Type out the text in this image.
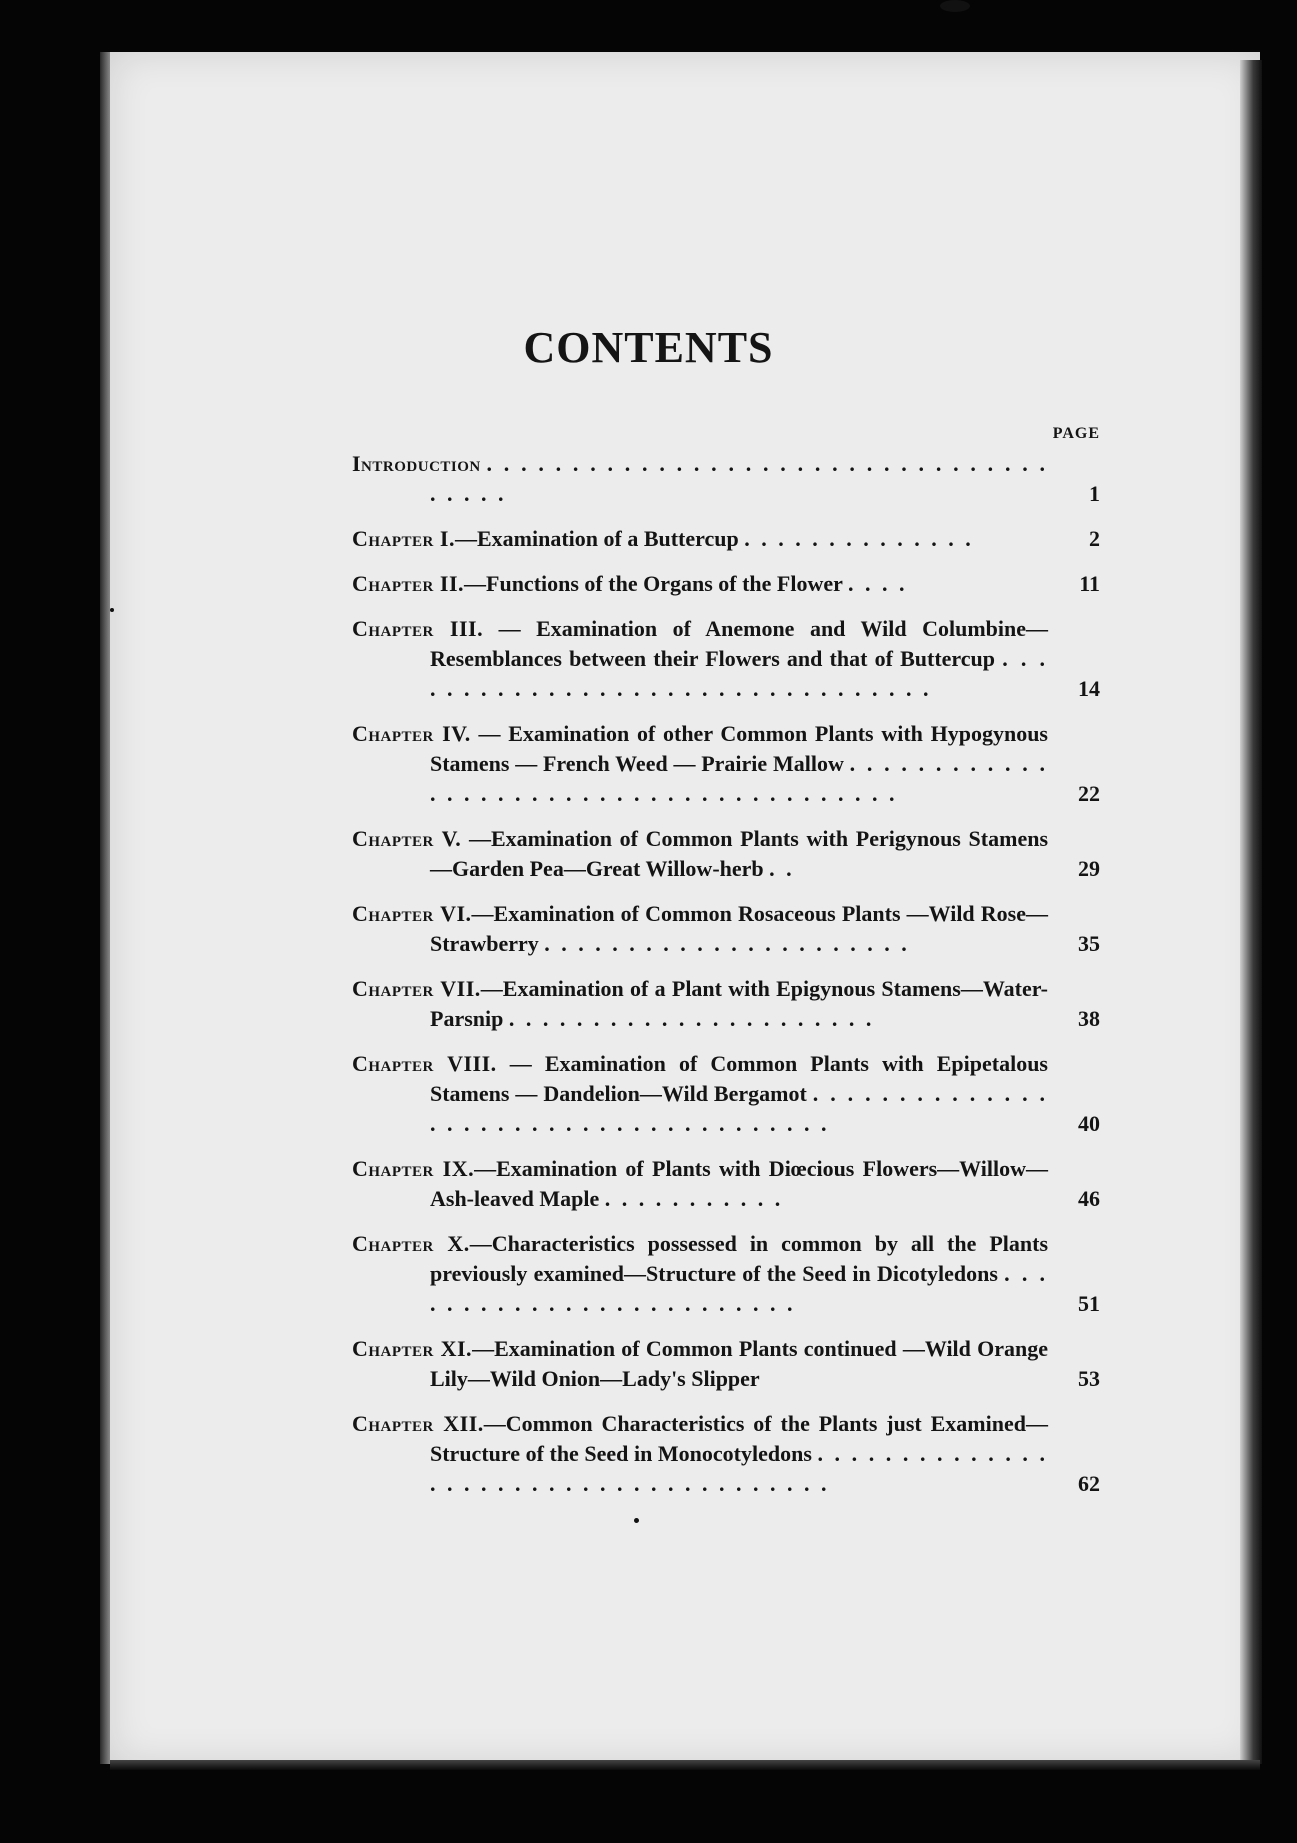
CONTENTS
PAGE
Introduction . . . . . . . . . . . . . . . . . . . . . . . . . . . . . . . . . . . . . .	1
Chapter I.—Examination of a Buttercup . . . . . . . . . . . . . .	2
Chapter II.—Functions of the Organs of the Flower . . . .	11
Chapter III. — Examination of Anemone and Wild Columbine—Resemblances between their Flowers and that of Buttercup . . . . . . . . . . . . . . . . . . . . . . . . . . . . . . . . .	14
Chapter IV. — Examination of other Common Plants with Hypogynous Stamens — French Weed — Prairie Mallow . . . . . . . . . . . . . . . . . . . . . . . . . . . . . . . . . . . . . . . .	22
Chapter V. —Examination of Common Plants with Perigynous Stamens—Garden Pea—Great Willow-herb . .	29
Chapter VI.—Examination of Common Rosaceous Plants —Wild Rose—Strawberry . . . . . . . . . . . . . . . . . . . . . .	35
Chapter VII.—Examination of a Plant with Epigynous Stamens—Water-Parsnip . . . . . . . . . . . . . . . . . . . . . .	38
Chapter VIII. — Examination of Common Plants with Epipetalous Stamens — Dandelion—Wild Bergamot . . . . . . . . . . . . . . . . . . . . . . . . . . . . . . . . . . . . . .	40
Chapter IX.—Examination of Plants with Diœcious Flowers—Willow—Ash-leaved Maple . . . . . . . . . . .	46
Chapter X.—Characteristics possessed in common by all the Plants previously examined—Structure of the Seed in Dicotyledons . . . . . . . . . . . . . . . . . . . . . . . . .	51
Chapter XI.—Examination of Common Plants continued —Wild Orange Lily—Wild Onion—Lady's Slipper	53
Chapter XII.—Common Characteristics of the Plants just Examined—Structure of the Seed in Monocotyledons . . . . . . . . . . . . . . . . . . . . . . . . . . . . . . . . . . . . . .	62
